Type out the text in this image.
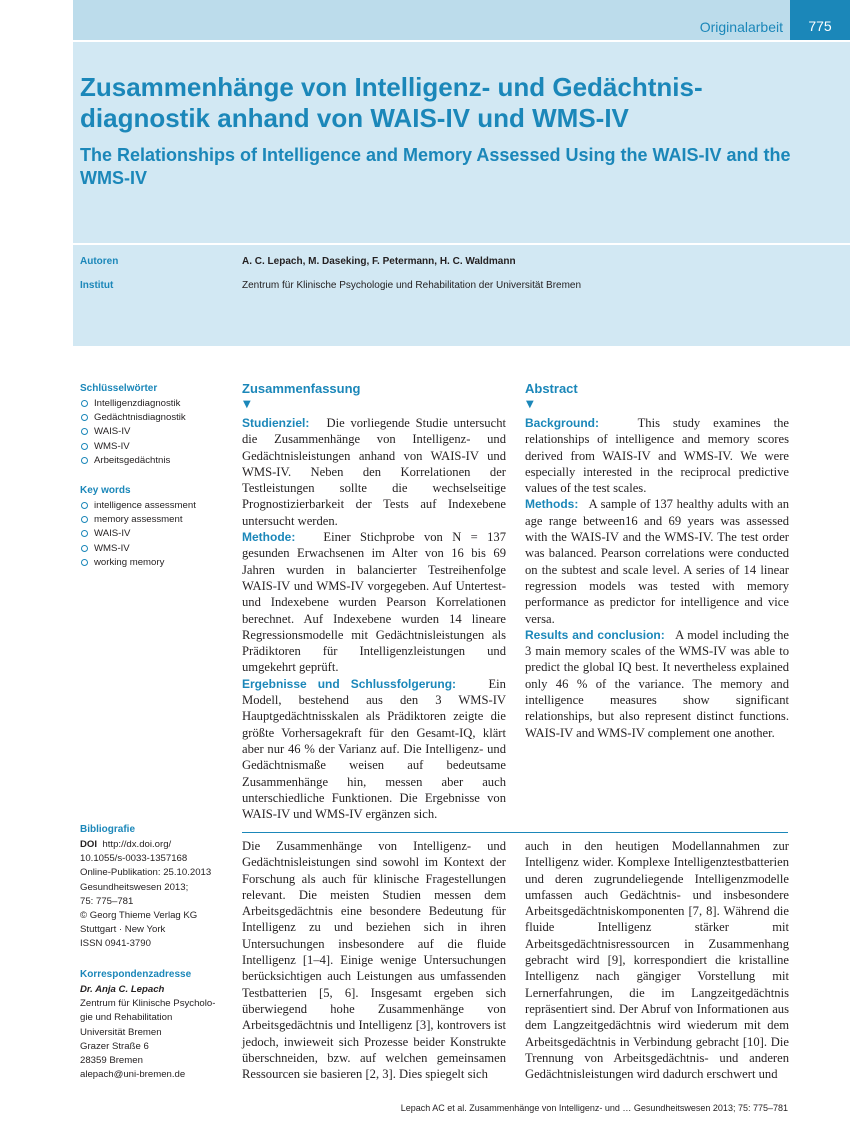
Originalarbeit	775
Zusammenhänge von Intelligenz- und Gedächtnis-diagnostik anhand von WAIS-IV und WMS-IV
The Relationships of Intelligence and Memory Assessed Using the WAIS-IV and the WMS-IV
Autoren	A. C. Lepach, M. Daseking, F. Petermann, H. C. Waldmann
Institut	Zentrum für Klinische Psychologie und Rehabilitation der Universität Bremen
Schlüsselwörter
Intelligenzdiagnostik
Gedächtnisdiagnostik
WAIS-IV
WMS-IV
Arbeitsgedächtnis
Key words
intelligence assessment
memory assessment
WAIS-IV
WMS-IV
working memory
Bibliografie
DOI http://dx.doi.org/
10.1055/s-0033-1357168
Online-Publikation: 25.10.2013
Gesundheitswesen 2013;
75: 775–781
© Georg Thieme Verlag KG
Stuttgart · New York
ISSN 0941-3790
Korrespondenzadresse
Dr. Anja C. Lepach
Zentrum für Klinische Psycholo-
gie und Rehabilitation
Universität Bremen
Grazer Straße 6
28359 Bremen
alepach@uni-bremen.de
Zusammenfassung
▼

Studienziel: Die vorliegende Studie untersucht die Zusammenhänge von Intelligenz- und Gedächtnisleistungen anhand von WAIS-IV und WMS-IV. Neben den Korrelationen der Testleistungen sollte die wechselseitige Prognostizierbarkeit der Tests auf Indexebene untersucht werden.

Methode: Einer Stichprobe von N = 137 gesunden Erwachsenen im Alter von 16 bis 69 Jahren wurden in balancierter Testreihenfolge WAIS-IV und WMS-IV vorgegeben. Auf Untertest- und Indexebene wurden Pearson Korrelationen berechnet. Auf Indexebene wurden 14 lineare Regressionsmodelle mit Gedächtnisleistungen als Prädiktoren für Intelligenzleistungen und umgekehrt geprüft.

Ergebnisse und Schlussfolgerung:	Ein Modell, bestehend aus den 3 WMS-IV Hauptgedächtnisskalen als Prädiktoren zeigte die größte Vorhersagekraft für den Gesamt-IQ, klärt aber nur 46 % der Varianz auf. Die Intelligenz- und Gedächtnismaße weisen auf bedeutsame Zusammenhänge hin, messen aber auch unterschiedliche Funktionen. Die Ergebnisse von WAIS-IV und WMS-IV ergänzen sich.

Abstract
▼

Background:	This study examines the relationships of intelligence and memory scores derived from WAIS-IV and WMS-IV. We were especially interested in the reciprocal predictive values of the test scales.

Methods: A sample of 137 healthy adults with an age range between16 and 69 years was assessed with the WAIS-IV and the WMS-IV. The test order was balanced. Pearson correlations were conducted on the subtest and scale level. A series of 14 linear regression models was tested with memory performance as predictor for intelligence and vice versa.

Results and conclusion: A model including the 3 main memory scales of the WMS-IV was able to predict the global IQ best. It nevertheless explained only 46 % of the variance. The memory and intelligence measures show significant relationships, but also represent distinct functions. WAIS-IV and WMS-IV complement one another.

Die Zusammenhänge von Intelligenz- und Gedächtnisleistungen sind sowohl im Kontext der Forschung als auch für klinische Fragestellungen relevant. Die meisten Studien messen dem Arbeitsgedächtnis eine besondere Bedeutung für Intelligenz zu und beziehen sich in ihren Untersuchungen insbesondere auf die fluide Intelligenz [1–4]. Einige wenige Untersuchungen berücksichtigen auch Leistungen aus umfassenden Testbatterien [5, 6]. Insgesamt ergeben sich überwiegend hohe Zusammenhänge von Arbeitsgedächtnis und Intelligenz [3], kontrovers ist jedoch, inwieweit sich Prozesse beider Konstrukte überschneiden, bzw. auf welchen gemeinsamen Ressourcen sie basieren [2, 3]. Dies spiegelt sich

auch in den heutigen Modellannahmen zur Intelligenz wider. Komplexe Intelligenztestbatterien und deren zugrundeliegende Intelligenzmodelle umfassen auch Gedächtnis- und insbesondere Arbeitsgedächtniskomponenten [7, 8]. Während die fluide Intelligenz stärker mit Arbeitsgedächtnisressourcen in Zusammenhang gebracht wird [9], korrespondiert die kristalline Intelligenz nach gängiger Vorstellung mit Lernerfahrungen, die im Langzeitgedächtnis repräsentiert sind. Der Abruf von Informationen aus dem Langzeitgedächtnis wird wiederum mit dem Arbeitsgedächtnis in Verbindung gebracht [10]. Die Trennung von Arbeitsgedächtnis- und anderen Gedächtnisleistungen wird dadurch erschwert und

Lepach AC et al. Zusammenhänge von Intelligenz- und … Gesundheitswesen 2013; 75: 775–781
